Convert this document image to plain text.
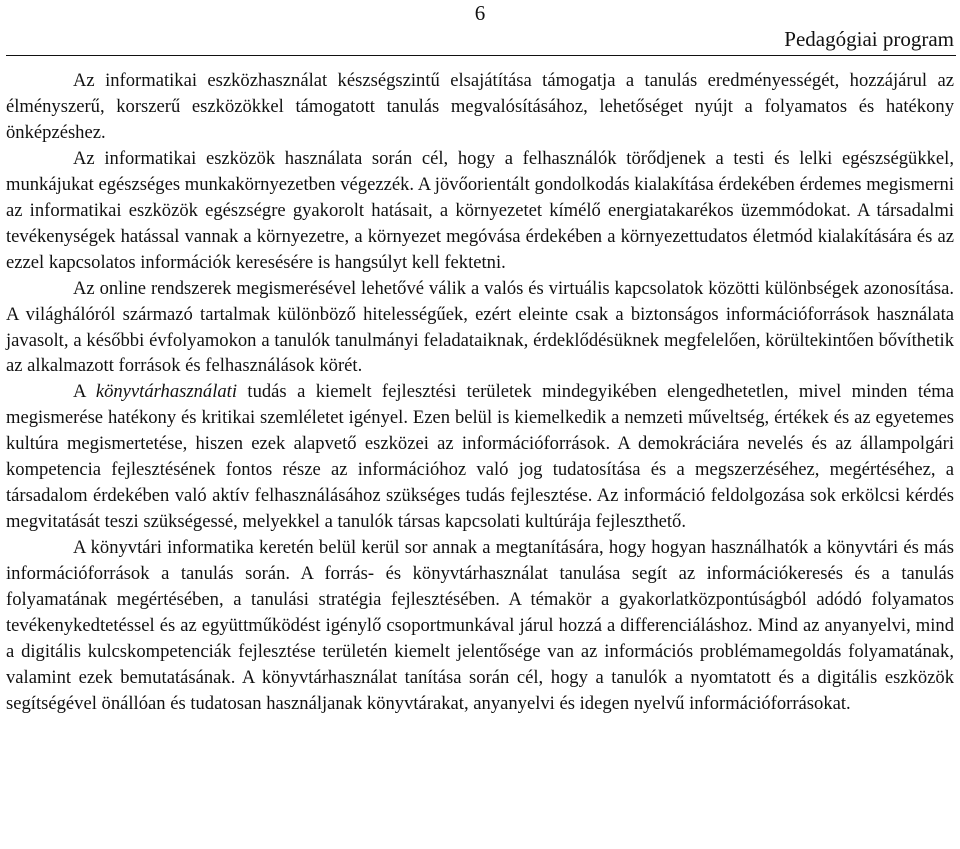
6
Pedagógiai program

Az informatikai eszközhasználat készségszintű elsajátítása támogatja a tanulás eredményességét, hozzájárul az élményszerű, korszerű eszközökkel támogatott tanulás megvalósításához, lehetőséget nyújt a folyamatos és hatékony önképzéshez.

Az informatikai eszközök használata során cél, hogy a felhasználók törődjenek a testi és lelki egészségükkel, munkájukat egészséges munkakörnyezetben végezzék. A jövőorientált gondolkodás kialakítása érdekében érdemes megismerni az informatikai eszközök egészségre gyakorolt hatásait, a környezetet kímélő energiatakarékos üzemmódokat. A társadalmi tevékenységek hatással vannak a környezetre, a környezet megóvása érdekében a környezettudatos életmód kialakítására és az ezzel kapcsolatos információk keresésére is hangsúlyt kell fektetni.

Az online rendszerek megismerésével lehetővé válik a valós és virtuális kapcsolatok közötti különbségek azonosítása. A világhálóról származó tartalmak különböző hitelességűek, ezért eleinte csak a biztonságos információforrások használata javasolt, a későbbi évfolyamokon a tanulók tanulmányi feladataiknak, érdeklődésüknek megfelelően, körültekintően bővíthetik az alkalmazott források és felhasználások körét.

A könyvtárhasználati tudás a kiemelt fejlesztési területek mindegyikében elengedhetetlen, mivel minden téma megismerése hatékony és kritikai szemléletet igényel. Ezen belül is kiemelkedik a nemzeti műveltség, értékek és az egyetemes kultúra megismertetése, hiszen ezek alapvető eszközei az információforrások. A demokráciára nevelés és az állampolgári kompetencia fejlesztésének fontos része az információhoz való jog tudatosítása és a megszerzéséhez, megértéséhez, a társadalom érdekében való aktív felhasználásához szükséges tudás fejlesztése. Az információ feldolgozása sok erkölcsi kérdés megvitatását teszi szükségessé, melyekkel a tanulók társas kapcsolati kultúrája fejleszthető.

A könyvtári informatika keretén belül kerül sor annak a megtanítására, hogy hogyan használhatók a könyvtári és más információforrások a tanulás során. A forrás- és könyvtárhasználat tanulása segít az információkeresés és a tanulás folyamatának megértésében, a tanulási stratégia fejlesztésében. A témakör a gyakorlatközpontúságból adódó folyamatos tevékenykedtetéssel és az együttműködést igénylő csoportmunkával járul hozzá a differenciáláshoz. Mind az anyanyelvi, mind a digitális kulcskompetenciák fejlesztése területén kiemelt jelentősége van az információs problémamegoldás folyamatának, valamint ezek bemutatásának. A könyvtárhasználat tanítása során cél, hogy a tanulók a nyomtatott és a digitális eszközök segítségével önállóan és tudatosan használjanak könyvtárakat, anyanyelvi és idegen nyelvű információforrásokat.
